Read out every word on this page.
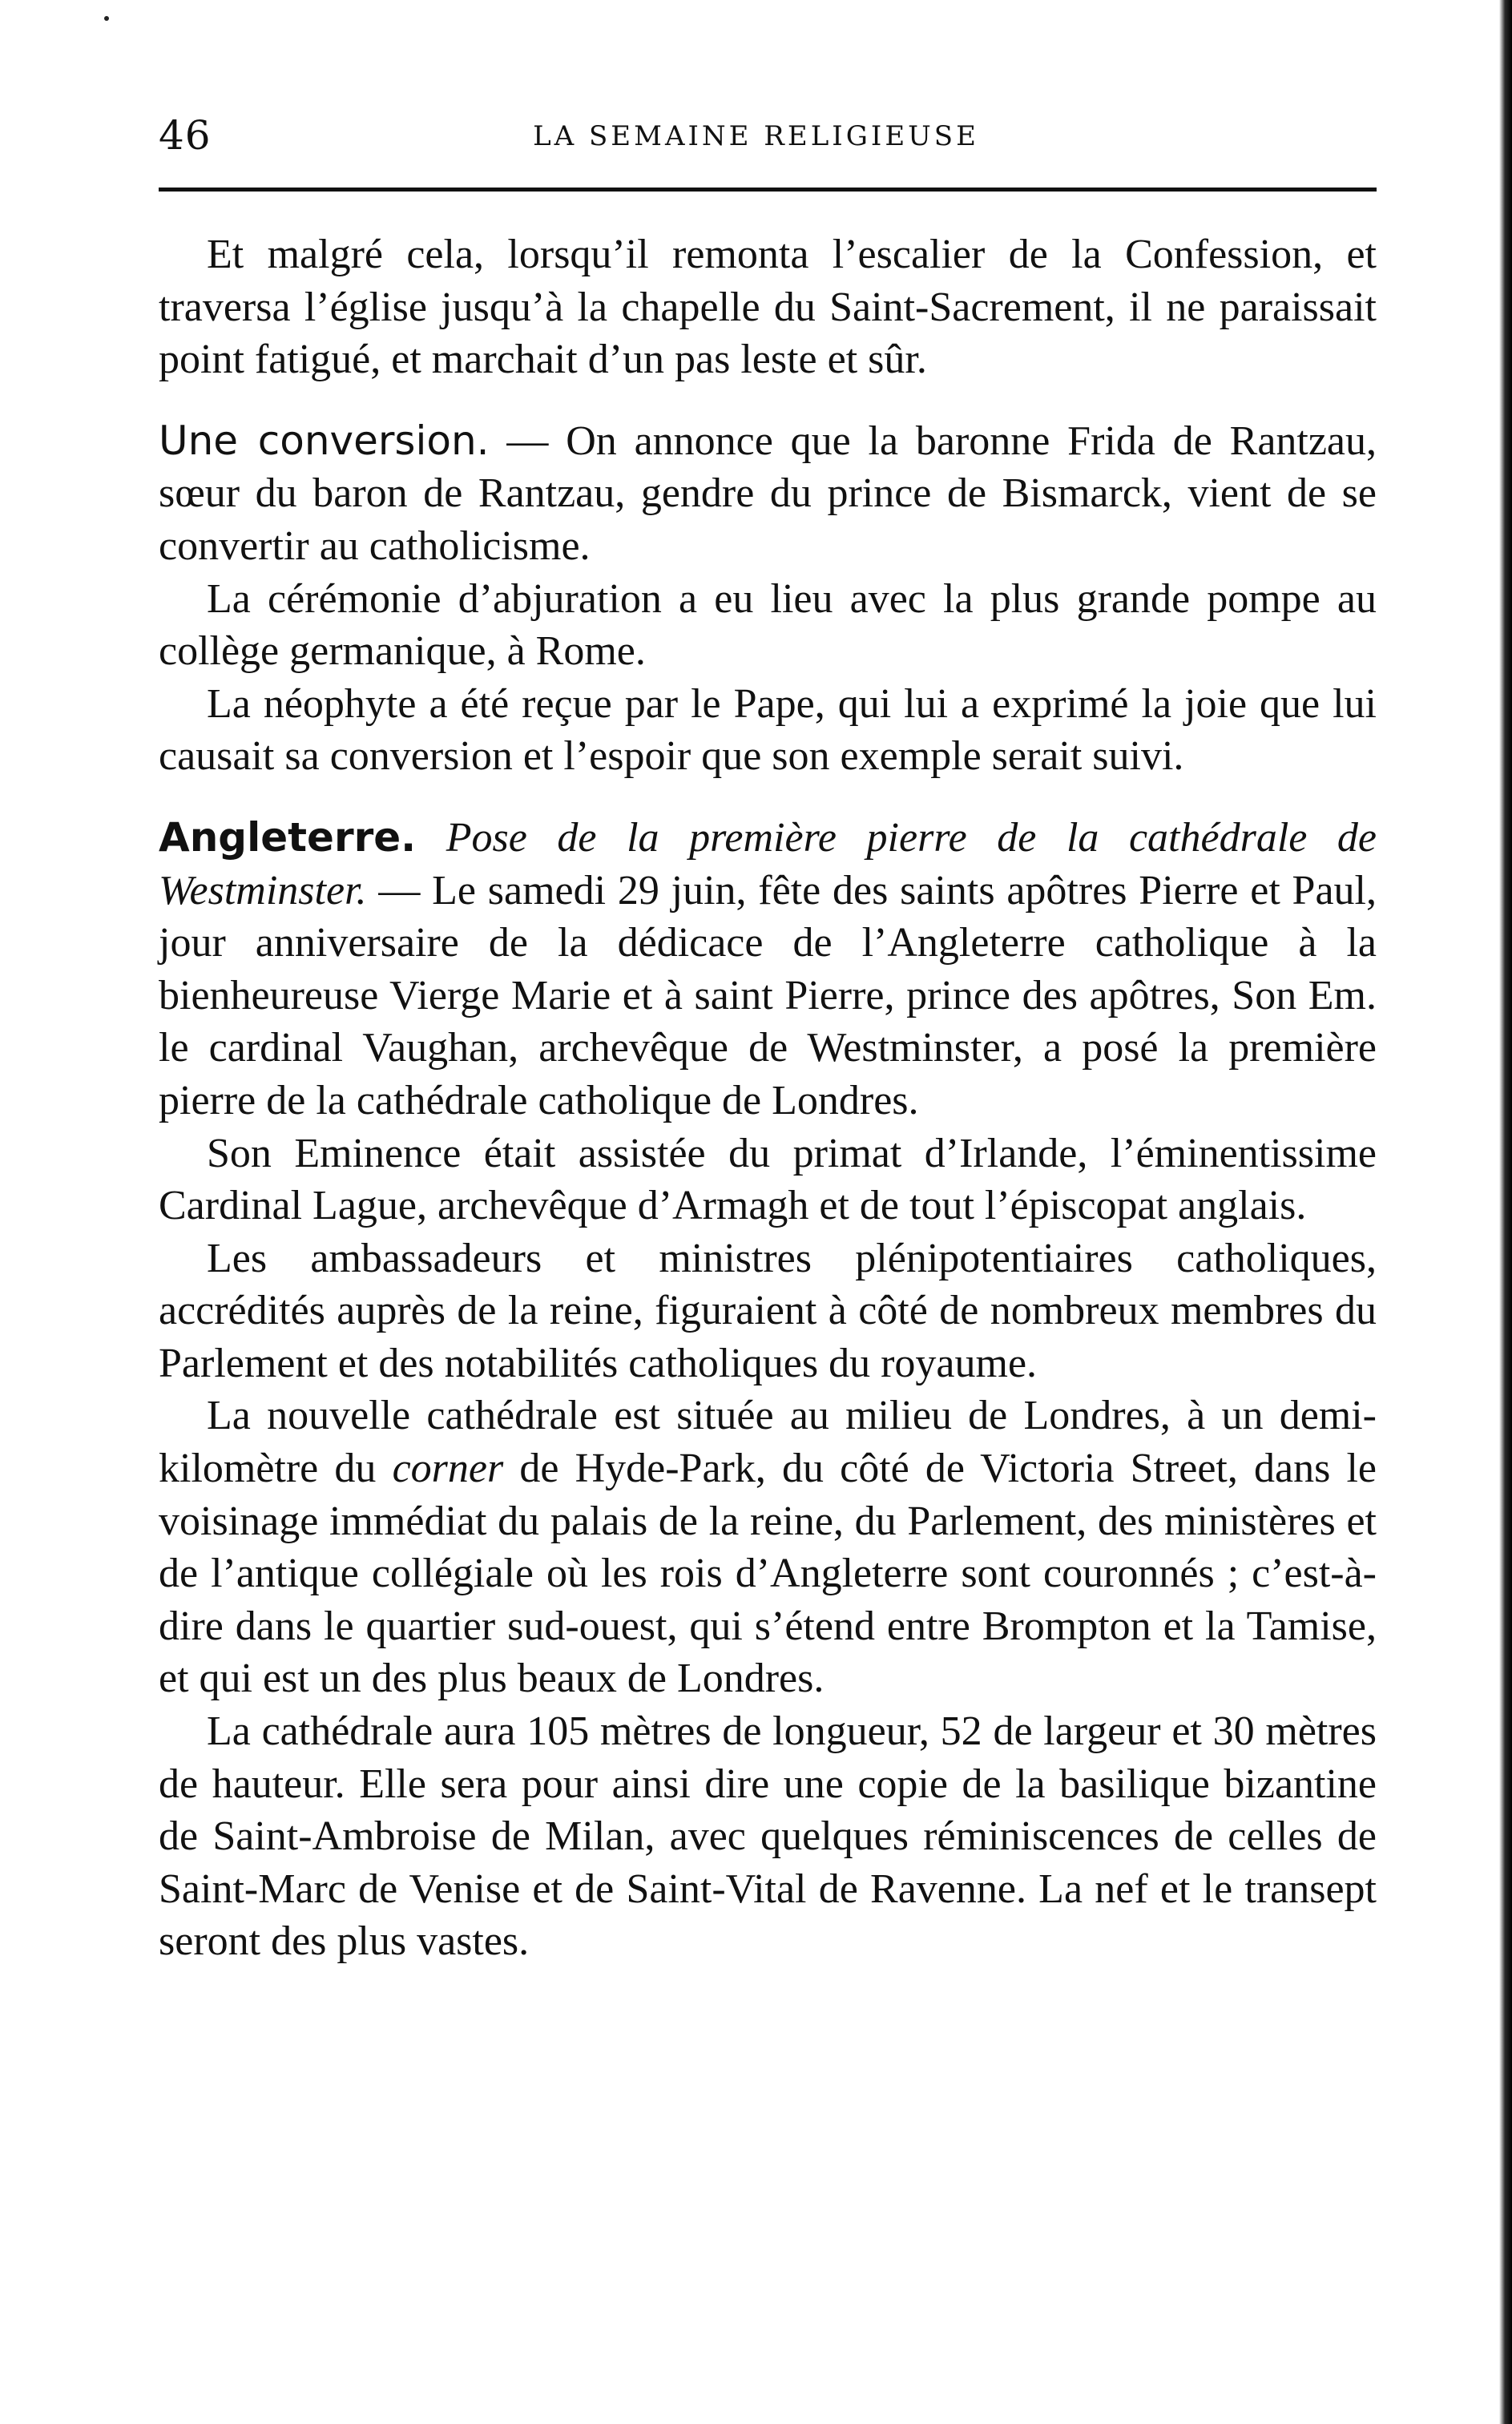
46	LA SEMAINE RELIGIEUSE

Et malgré cela, lorsqu’il remonta l’escalier de la Confession, et traversa l’église jusqu’à la chapelle du Saint-Sacrement, il ne paraissait point fatigué, et marchait d’un pas leste et sûr.

Une conversion. — On annonce que la baronne Frida de Rantzau, sœur du baron de Rantzau, gendre du prince de Bismarck, vient de se convertir au catholicisme.

La cérémonie d’abjuration a eu lieu avec la plus grande pompe au collège germanique, à Rome.

La néophyte a été reçue par le Pape, qui lui a exprimé la joie que lui causait sa conversion et l’espoir que son exemple serait suivi.

Angleterre. Pose de la première pierre de la cathédrale de Westminster. — Le samedi 29 juin, fête des saints apôtres Pierre et Paul, jour anniversaire de la dédicace de l’Angleterre catholique à la bienheureuse Vierge Marie et à saint Pierre, prince des apôtres, Son Em. le cardinal Vaughan, archevêque de Westminster, a posé la première pierre de la cathédrale catholique de Londres.

Son Eminence était assistée du primat d’Irlande, l’éminentissime Cardinal Lague, archevêque d’Armagh et de tout l’épiscopat anglais.

Les ambassadeurs et ministres plénipotentiaires catholiques, accrédités auprès de la reine, figuraient à côté de nombreux membres du Parlement et des notabilités catholiques du royaume.

La nouvelle cathédrale est située au milieu de Londres, à un demi-kilomètre du corner de Hyde-Park, du côté de Victoria Street, dans le voisinage immédiat du palais de la reine, du Parlement, des ministères et de l’antique collégiale où les rois d’Angleterre sont couronnés ; c’est-à-dire dans le quartier sud-ouest, qui s’étend entre Brompton et la Tamise, et qui est un des plus beaux de Londres.

La cathédrale aura 105 mètres de longueur, 52 de largeur et 30 mètres de hauteur. Elle sera pour ainsi dire une copie de la basilique bizantine de Saint-Ambroise de Milan, avec quelques réminiscences de celles de Saint-Marc de Venise et de Saint-Vital de Ravenne. La nef et le transept seront des plus vastes.
